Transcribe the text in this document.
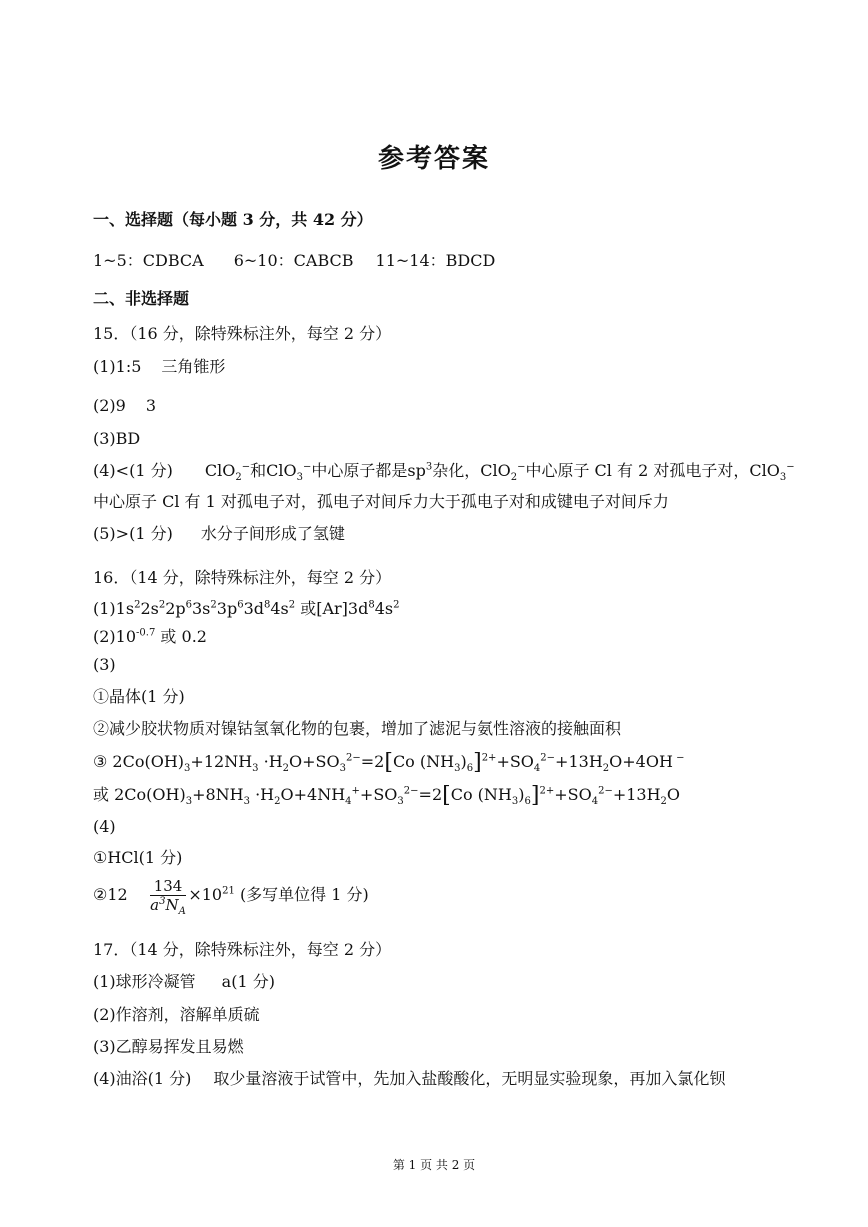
参考答案
一、选择题（每小题 3 分，共 42 分）
1~5：CDBCA 6~10：CABCB 11~14：BDCD
二、非选择题
15．（16 分，除特殊标注外，每空 2 分）
(1)1:5 三角锥形
(2)9 3
(3)BD
(4)<(1 分) ClO$_2$−和ClO$_3$−中心原子都是$sp^3$杂化，ClO$_2$−中心原子 Cl 有 2 对孤电子对，ClO$_3$−
中心原子 Cl 有 1 对孤电子对，孤电子对间斥力大于孤电子对和成键电子对间斥力
(5)>(1 分) 水分子间形成了氢键
16．（14 分，除特殊标注外，每空 2 分）
$(1)1s^22s^22p^63s^23p^63d^84s^2$ 或$[Ar]3d^84s^2$
$(2)10^{-0.7}$ 或 0.2
(3)
①晶体(1 分)
②减少胶状物质对镍钴氢氧化物的包裹，增加了滤泥与氨性溶液的接触面积
③ $2Co(OH)_3+12NH_3 \cdot H_2O+SO_3^{2-}=2[Co$ $(NH_3)_6]^{2+}+SO_4^{2-}+13H_2O+4OH$ −
或 $2Co(OH)_3+8NH_3 \cdot H_2O+4NH_4^++SO_3^{2-}=2[Co$ $(NH_3)_6]^{2+}+SO_4^{2-}+13H_2O$
(4)
①HCl(1 分)
②12 $\frac{134}{a^3N_A} \times 10^{21}$ (多写单位得 1 分)
17．（14 分，除特殊标注外，每空 2 分）
(1)球形冷凝管 a(1 分)
(2)作溶剂，溶解单质硫
(3)乙醇易挥发且易燃
(4)油浴(1 分) 取少量溶液于试管中，先加入盐酸酸化，无明显实验现象，再加入氯化钡
第 1 页 共 2 页
